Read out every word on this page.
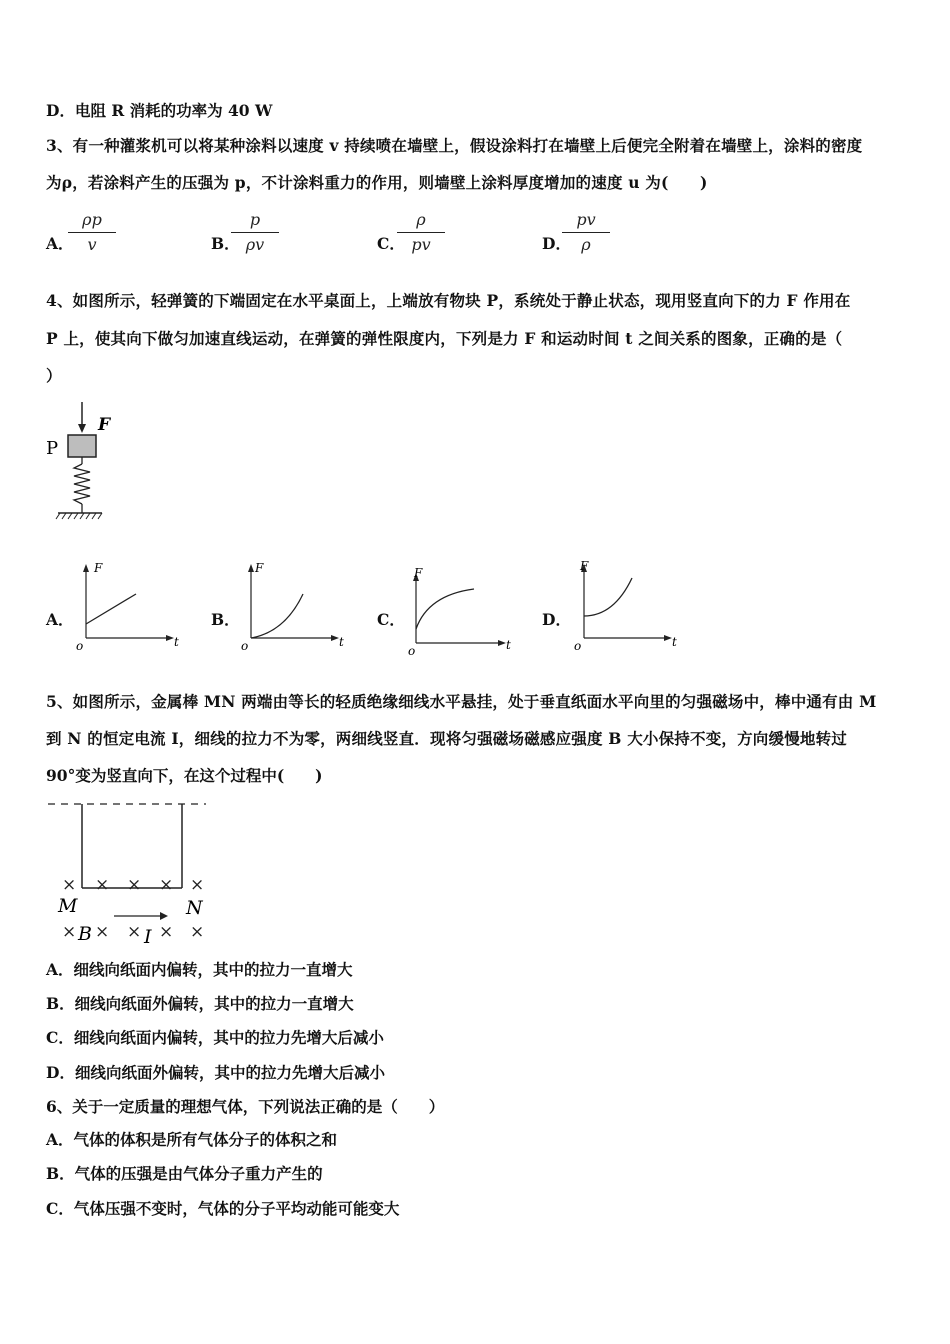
D．电阻 R 消耗的功率为 40 W
3、有一种灌浆机可以将某种涂料以速度 v 持续喷在墙壁上，假设涂料打在墙壁上后便完全附着在墙壁上，涂料的密度
为ρ，若涂料产生的压强为 p，不计涂料重力的作用，则墙壁上涂料厚度增加的速度 u 为(　　)
A．
ρp
v	B．
p
ρv	C．
ρ
pv	D．
pv
ρ
4、如图所示，轻弹簧的下端固定在水平桌面上，上端放有物块 P，系统处于静止状态，现用竖直向下的力 F 作用在
P 上，使其向下做匀加速直线运动，在弹簧的弹性限度内，下列是力 F 和运动时间 t 之间关系的图象，正确的是（
）
F
P
A．
F
t
o
B．
F
t
o
C．
F
t
o
D．
F
t
o
5、如图所示，金属棒 MN 两端由等长的轻质绝缘细线水平悬挂，处于垂直纸面水平向里的匀强磁场中，棒中通有由 M
到 N 的恒定电流 I，细线的拉力不为零，两细线竖直．现将匀强磁场磁感应强度 B 大小保持不变，方向缓慢地转过
90°变为竖直向下，在这个过程中(　　)
× × × × ×
× × × × ×
M	N
B	I
A．细线向纸面内偏转，其中的拉力一直增大
B．细线向纸面外偏转，其中的拉力一直增大
C．细线向纸面内偏转，其中的拉力先增大后减小
D．细线向纸面外偏转，其中的拉力先增大后减小
6、关于一定质量的理想气体，下列说法正确的是（　　）
A．气体的体积是所有气体分子的体积之和
B．气体的压强是由气体分子重力产生的
C．气体压强不变时，气体的分子平均动能可能变大
